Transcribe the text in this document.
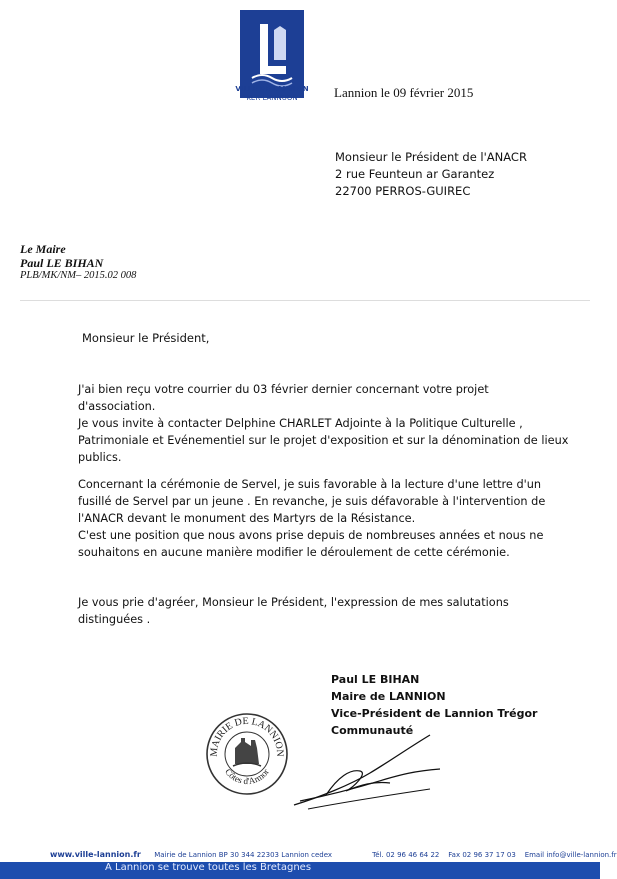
VILLE DE LANNION
KER LANNUON	Lannion le 09 février 2015
Monsieur le Président de l'ANACR
2 rue Feunteun ar Garantez
22700 PERROS-GUIREC
Le Maire
Paul LE BIHAN
PLB/MK/NM– 2015.02 008
Monsieur le Président,
J'ai bien reçu votre courrier du 03 février dernier concernant votre projet
d'association.
Je vous invite à contacter Delphine CHARLET Adjointe à la Politique Culturelle ,
Patrimoniale et Evénementiel sur le projet d'exposition et sur la dénomination de lieux
publics.
Concernant la cérémonie de Servel, je suis favorable à la lecture d'une lettre d'un
fusillé de Servel par un jeune . En revanche, je suis défavorable à l'intervention de
l'ANACR devant le monument des Martyrs de la Résistance.
C'est une position que nous avons prise depuis de nombreuses années et nous ne
souhaitons en aucune manière modifier le déroulement de cette cérémonie.
Je vous prie d'agréer, Monsieur le Président, l'expression de mes salutations
distinguées .
Paul LE BIHAN
Maire de LANNION
Vice-Président de Lannion Trégor
Communauté
MAIRIE DE LANNION
Côtes d'Armor
www.ville-lannion.fr Mairie de Lannion BP 30 344 22303 Lannion cedex	Tél. 02 96 46 64 22 Fax 02 96 37 17 03 Email info@ville-lannion.fr
A Lannion se trouve toutes les Bretagnes
